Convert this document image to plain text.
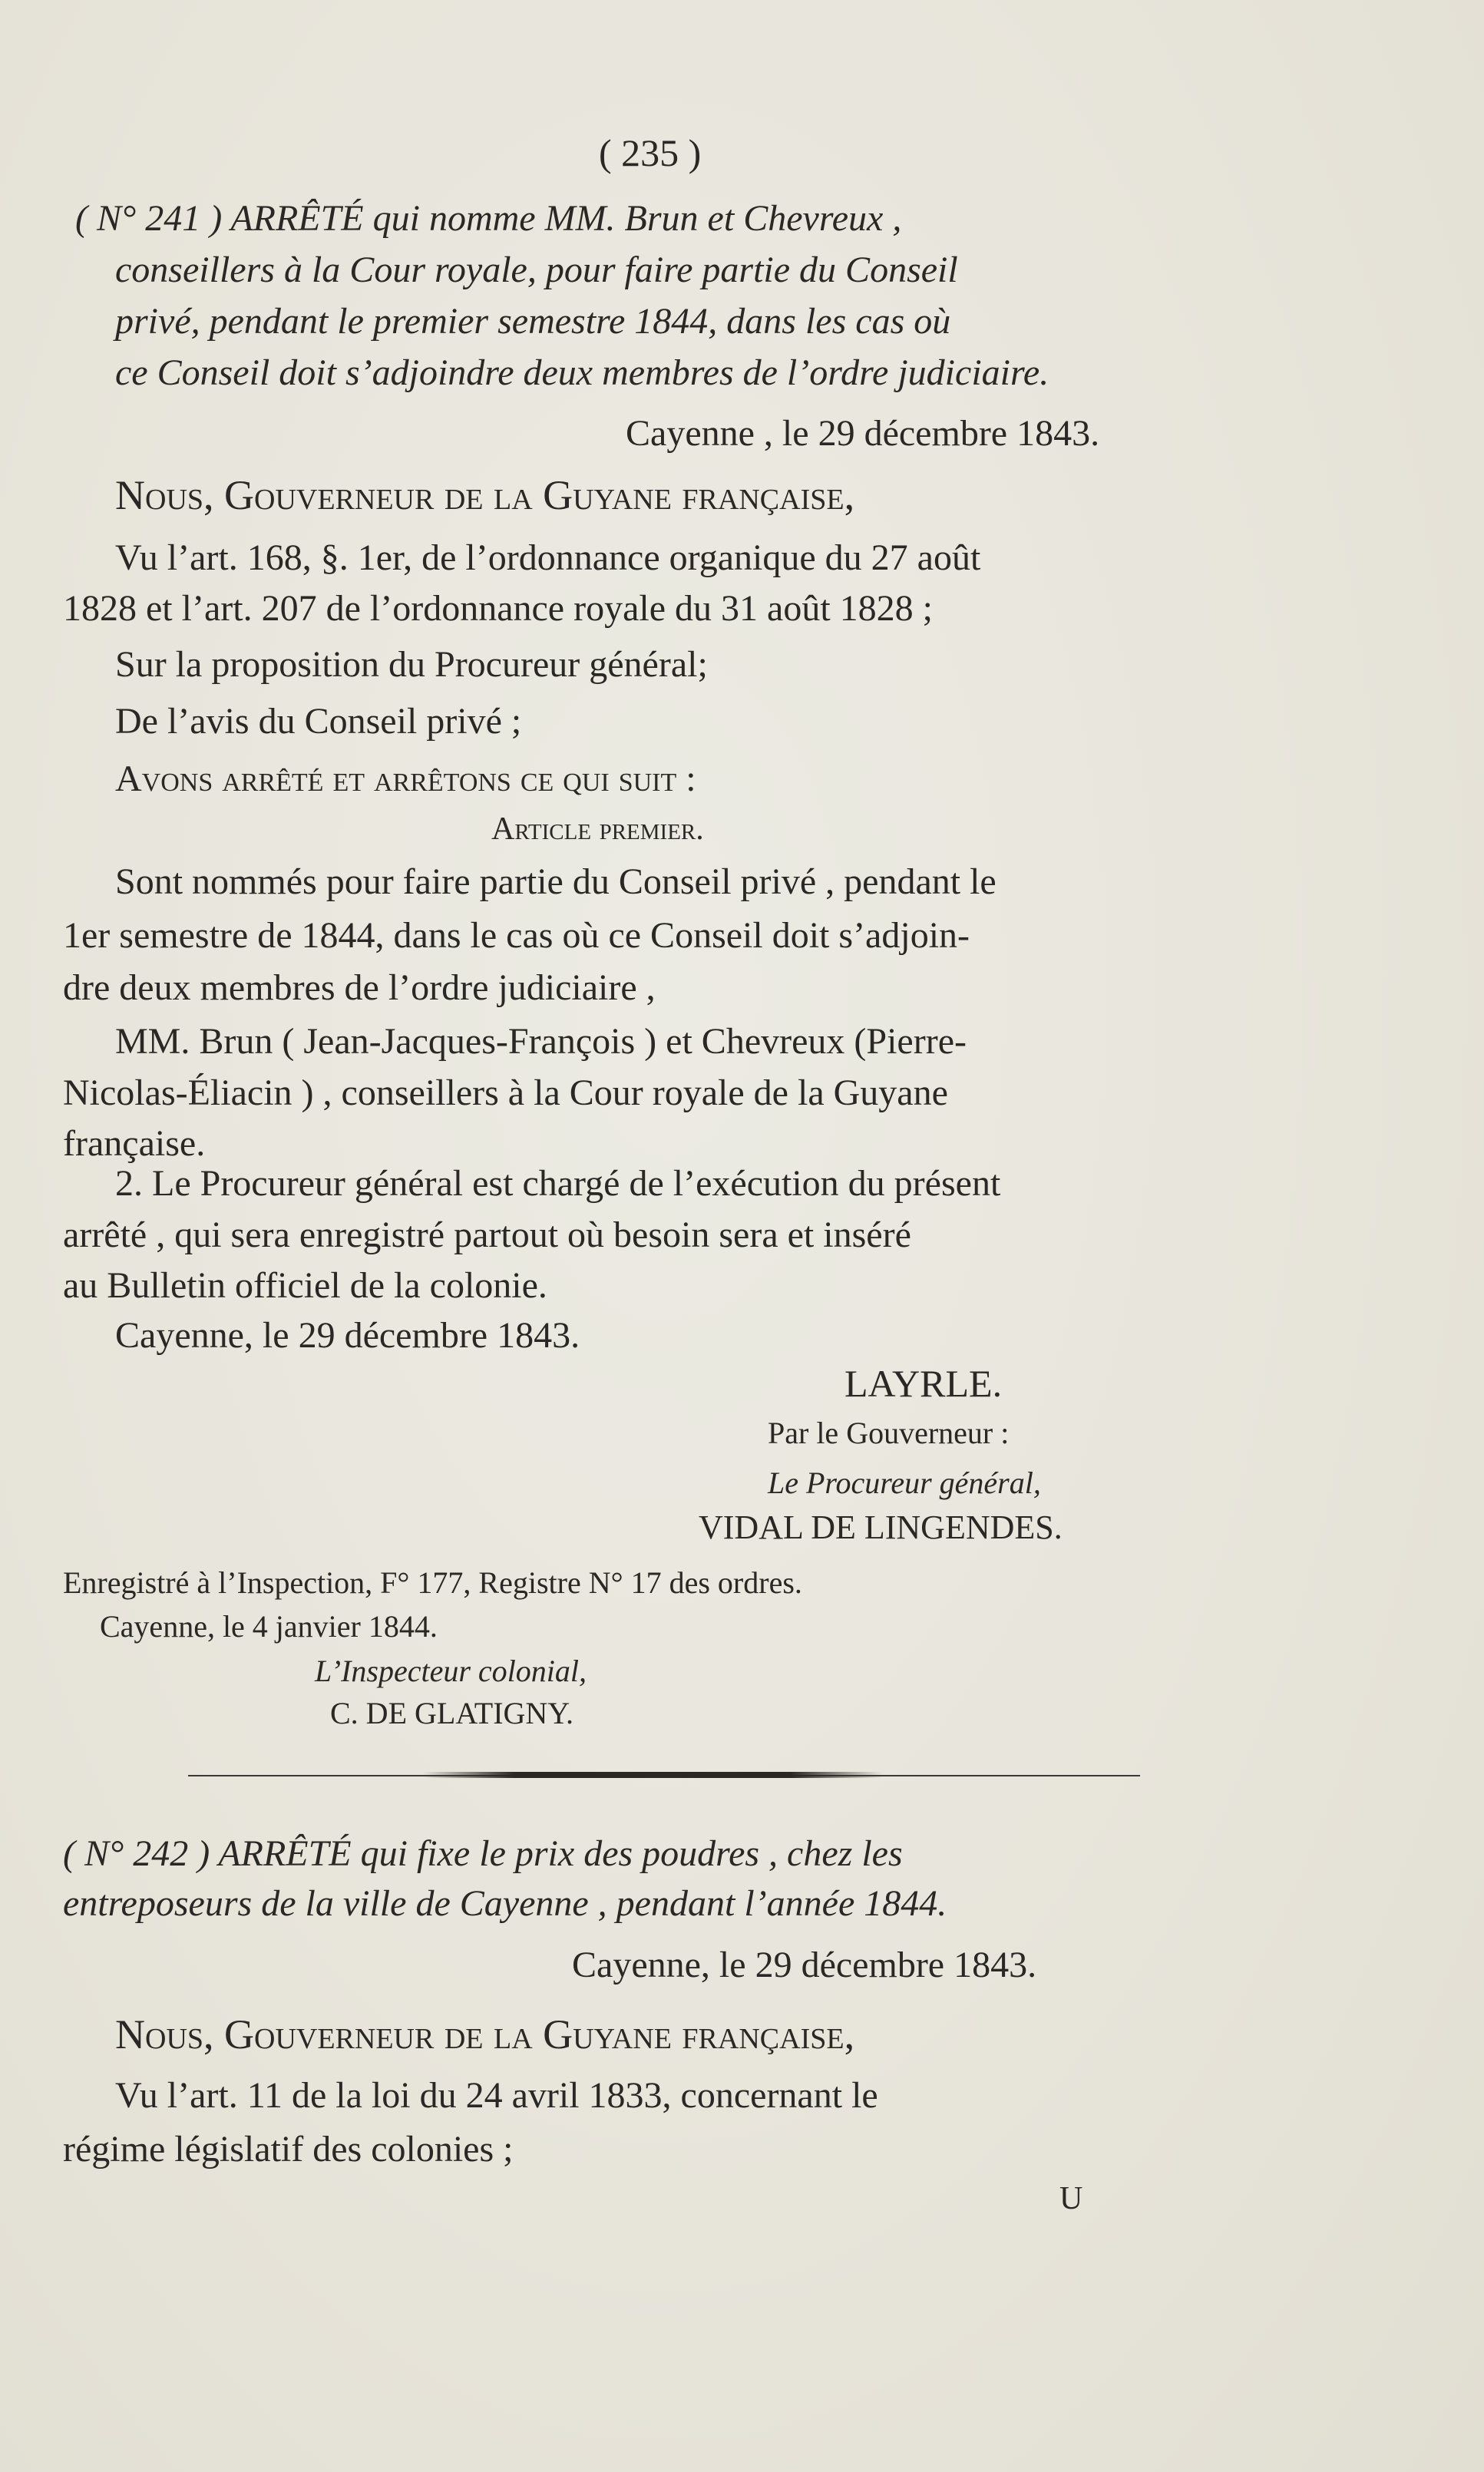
( 235 )
( N° 241 ) ARRÊTÉ qui nomme MM. Brun et Chevreux ,
conseillers à la Cour royale, pour faire partie du Conseil
privé, pendant le premier semestre 1844, dans les cas où
ce Conseil doit s’adjoindre deux membres de l’ordre judiciaire.
Cayenne , le 29 décembre 1843.
Nous, Gouverneur de la Guyane française,
Vu l’art. 168, §. 1er, de l’ordonnance organique du 27 août
1828 et l’art. 207 de l’ordonnance royale du 31 août 1828 ;
Sur la proposition du Procureur général;
De l’avis du Conseil privé ;
Avons arrêté et arrêtons ce qui suit :
Article premier.
Sont nommés pour faire partie du Conseil privé , pendant le
1er semestre de 1844, dans le cas où ce Conseil doit s’adjoin-
dre deux membres de l’ordre judiciaire ,
MM. Brun ( Jean-Jacques-François ) et Chevreux (Pierre-
Nicolas-Éliacin ) , conseillers à la Cour royale de la Guyane
française.
2. Le Procureur général est chargé de l’exécution du présent
arrêté , qui sera enregistré partout où besoin sera et inséré
au Bulletin officiel de la colonie.
Cayenne, le 29 décembre 1843.
LAYRLE.
Par le Gouverneur :
Le Procureur général,
VIDAL DE LINGENDES.
Enregistré à l’Inspection, F° 177, Registre N° 17 des ordres.
Cayenne, le 4 janvier 1844.
L’Inspecteur colonial,
C. DE GLATIGNY.
( N° 242 ) ARRÊTÉ qui fixe le prix des poudres , chez les
entreposeurs de la ville de Cayenne , pendant l’année 1844.
Cayenne, le 29 décembre 1843.
Nous, Gouverneur de la Guyane française,
Vu l’art. 11 de la loi du 24 avril 1833, concernant le
régime législatif des colonies ;
U
